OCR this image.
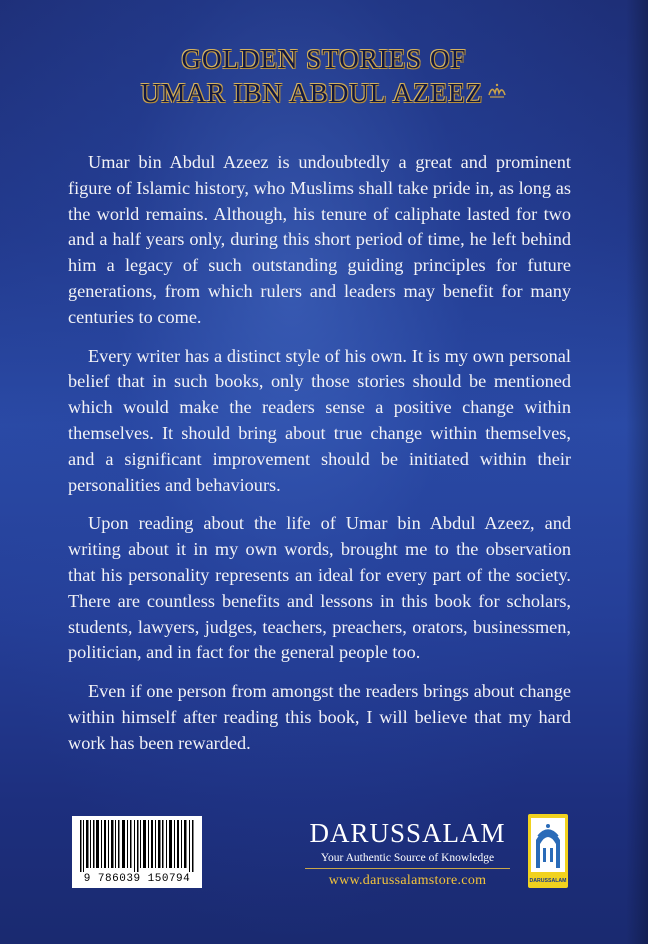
GOLDEN STORIES OF
UMAR IBN ABDUL AZEEZ

Umar bin Abdul Azeez is undoubtedly a great and prominent figure of Islamic history, who Muslims shall take pride in, as long as the world remains. Although, his tenure of caliphate lasted for two and a half years only, during this short period of time, he left behind him a legacy of such outstanding guiding principles for future generations, from which rulers and leaders may benefit for many centuries to come.

Every writer has a distinct style of his own. It is my own personal belief that in such books, only those stories should be mentioned which would make the readers sense a positive change within themselves. It should bring about true change within themselves, and a significant improvement should be initiated within their personalities and behaviours.

Upon reading about the life of Umar bin Abdul Azeez, and writing about it in my own words, brought me to the observation that his personality represents an ideal for every part of the society. There are countless benefits and lessons in this book for scholars, students, lawyers, judges, teachers, preachers, orators, businessmen, politician, and in fact for the general people too.

Even if one person from amongst the readers brings about change within himself after reading this book, I will believe that my hard work has been rewarded.

9 786039 150794
DARUSSALAM
Your Authentic Source of Knowledge
www.darussalamstore.com	DARUSSALAM
